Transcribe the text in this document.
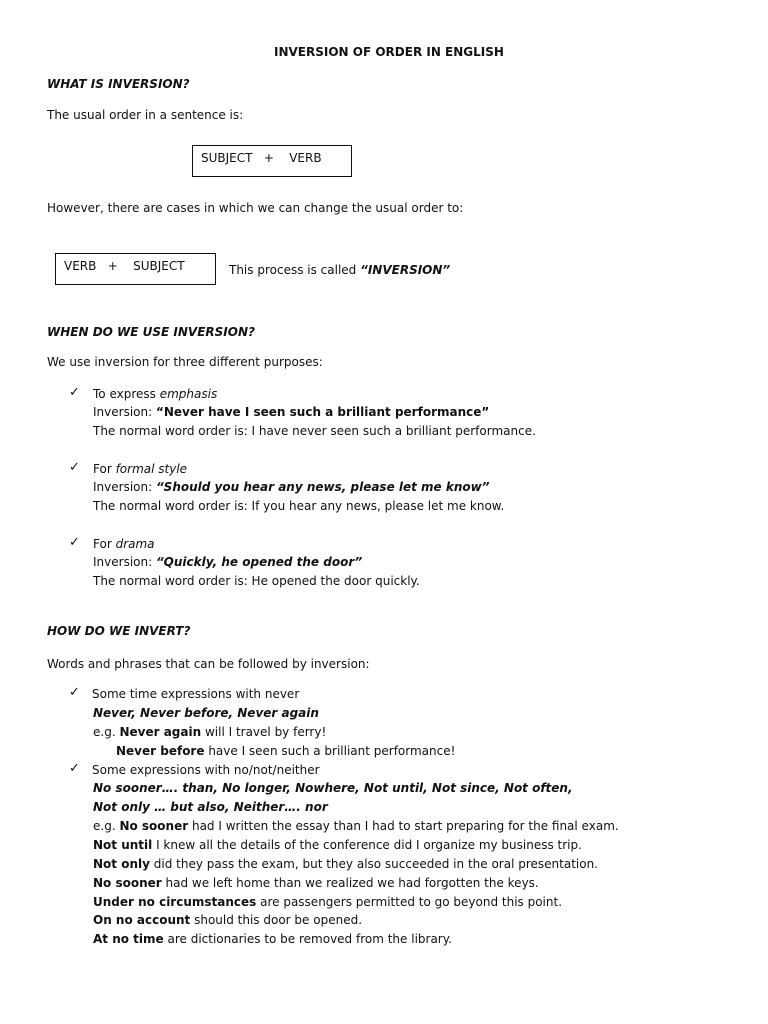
INVERSION OF ORDER IN ENGLISH
WHAT IS INVERSION?
The usual order in a sentence is:
SUBJECT   +    VERB
However, there are cases in which we can change the usual order to:
VERB   +    SUBJECT	This process is called “INVERSION”
WHEN DO WE USE INVERSION?
We use inversion for three different purposes:
✓ To express emphasis
Inversion: “Never have I seen such a brilliant performance”
The normal word order is: I have never seen such a brilliant performance.
✓ For formal style
Inversion: “Should you hear any news, please let me know”
The normal word order is: If you hear any news, please let me know.
✓ For drama
Inversion: “Quickly, he opened the door”
The normal word order is: He opened the door quickly.
HOW DO WE INVERT?
Words and phrases that can be followed by inversion:
✓ Some time expressions with never
Never, Never before, Never again
e.g. Never again will I travel by ferry!
Never before have I seen such a brilliant performance!
✓ Some expressions with no/not/neither
No sooner…. than, No longer, Nowhere, Not until, Not since, Not often,
Not only … but also, Neither…. nor
e.g. No sooner had I written the essay than I had to start preparing for the final exam.
Not until I knew all the details of the conference did I organize my business trip.
Not only did they pass the exam, but they also succeeded in the oral presentation.
No sooner had we left home than we realized we had forgotten the keys.
Under no circumstances are passengers permitted to go beyond this point.
On no account should this door be opened.
At no time are dictionaries to be removed from the library.
